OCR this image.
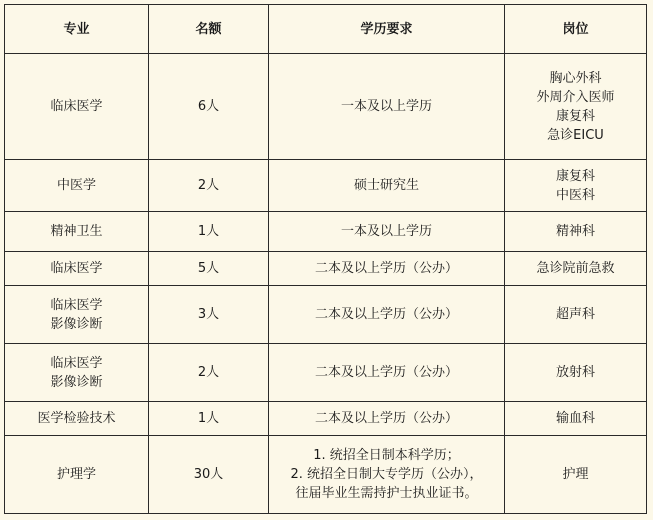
专业	名额	学历要求	岗位

临床医学	6人	一本及以上学历	胸心外科
外周介入医师
康复科
急诊EICU

中医学	2人	硕士研究生	康复科
中医科

精神卫生	1人	一本及以上学历	精神科

临床医学	5人	二本及以上学历（公办）	急诊院前急救

临床医学
影像诊断	3人	二本及以上学历（公办）	超声科

临床医学
影像诊断	2人	二本及以上学历（公办）	放射科

医学检验技术	1人	二本及以上学历（公办）	输血科

护理学	30人	1. 统招全日制本科学历；
2. 统招全日制大专学历（公办），
往届毕业生需持护士执业证书。	护理
